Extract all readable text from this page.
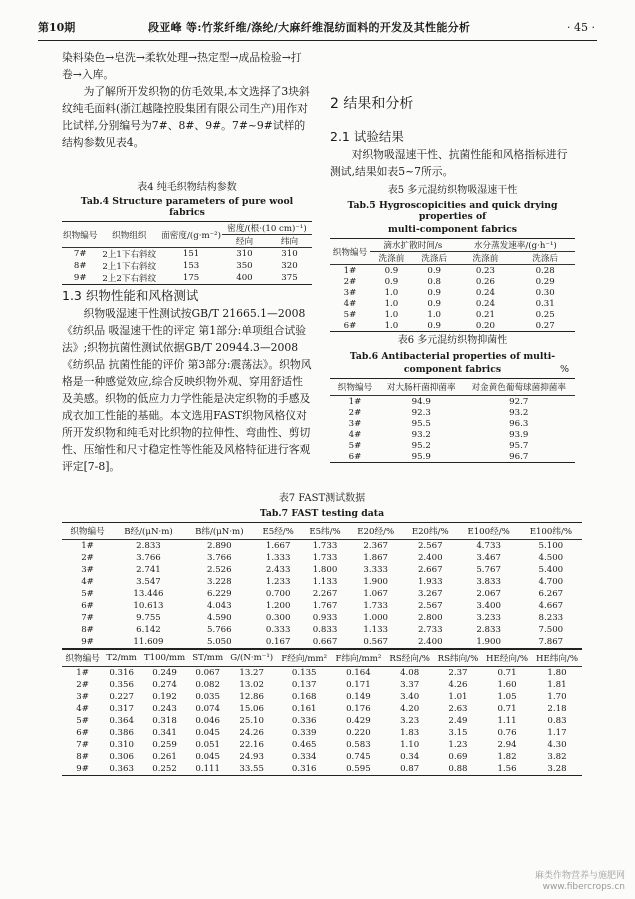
第10期	段亚峰 等:竹浆纤维/涤纶/大麻纤维混纺面料的开发及其性能分析	· 45 ·

染料染色→皂洗→柔软处理→热定型→成品检验→打卷→入库。

为了解所开发织物的仿毛效果,本文选择了3块斜纹纯毛面料(浙江越隆控股集团有限公司生产)用作对比试样,分别编号为7#、8#、9#。7#~9#试样的结构参数见表4。

表4 纯毛织物结构参数
Tab.4 Structure parameters of pure wool fabrics
织物编号	织物组织	面密度/(g·m⁻²)	密度/(根·(10 cm)⁻¹)	
			经向	纬向
7#	2上1下右斜纹	151	310	310
8#	2上1下右斜纹	153	350	320
9#	2上2下右斜纹	175	400	375
1.3 织物性能和风格测试

织物吸湿速干性测试按GB/T 21665.1—2008《纺织品 吸湿速干性的评定 第1部分:单项组合试验法》;织物抗菌性测试依据GB/T 20944.3—2008《纺织品 抗菌性能的评价 第3部分:震荡法》。织物风格是一种感觉效应,综合反映织物外观、穿用舒适性及美感。织物的低应力力学性能是决定织物的手感及成衣加工性能的基础。本文选用FAST织物风格仪对所开发织物和纯毛对比织物的拉伸性、弯曲性、剪切性、压缩性和尺寸稳定性等性能及风格特征进行客观评定[7-8]。

2 结果和分析
2.1 试验结果

对织物吸湿速干性、抗菌性能和风格指标进行测试,结果如表5~7所示。

表5 多元混纺织物吸湿速干性
Tab.5 Hygroscopicities and quick drying properties of
multi-component fabrics
织物编号	滴水扩散时间/s		水分蒸发速率/(g·h⁻¹)	
	洗涤前	洗涤后	洗涤前	洗涤后
1#	0.9	0.9	0.23	0.28
2#	0.9	0.8	0.26	0.29
3#	1.0	0.9	0.24	0.30
4#	1.0	0.9	0.24	0.31
5#	1.0	1.0	0.21	0.25
6#	1.0	0.9	0.20	0.27
表6 多元混纺织物抑菌性
Tab.6 Antibacterial properties of multi-
component fabrics	%
织物编号	对大肠杆菌抑菌率	对金黄色葡萄球菌抑菌率
1#	94.9	92.7
2#	92.3	93.2
3#	95.5	96.3
4#	93.2	93.9
5#	95.2	95.7
6#	95.9	96.7
表7 FAST测试数据
Tab.7 FAST testing data
织物编号	B经/(μN·m)	B纬/(μN·m)	E5经/%	E5纬/%	E20经/%	E20纬/%	E100经/%	E100纬/%
1#	2.833	2.890	1.667	1.733	2.367	2.567	4.733	5.100
2#	3.766	3.766	1.333	1.733	1.867	2.400	3.467	4.500
3#	2.741	2.526	2.433	1.800	3.333	2.667	5.767	5.400
4#	3.547	3.228	1.233	1.133	1.900	1.933	3.833	4.700
5#	13.446	6.229	0.700	2.267	1.067	3.267	2.067	6.267
6#	10.613	4.043	1.200	1.767	1.733	2.567	3.400	4.667
7#	9.755	4.590	0.300	0.933	1.000	2.800	3.233	8.233
8#	6.142	5.766	0.333	0.833	1.133	2.733	2.833	7.500
9#	11.609	5.050	0.167	0.667	0.567	2.400	1.900	7.867
织物编号	T2/mm	T100/mm	ST/mm	G/(N·m⁻¹)	F经向/mm²	F纬向/mm²	RS经向/%	RS纬向/%	HE经向/%	HE纬向/%
1#	0.316	0.249	0.067	13.27	0.135	0.164	4.08	2.37	0.71	1.80
2#	0.356	0.274	0.082	13.02	0.137	0.171	3.37	4.26	1.60	1.81
3#	0.227	0.192	0.035	12.86	0.168	0.149	3.40	1.01	1.05	1.70
4#	0.317	0.243	0.074	15.06	0.161	0.176	4.20	2.63	0.71	2.18
5#	0.364	0.318	0.046	25.10	0.336	0.429	3.23	2.49	1.11	0.83
6#	0.386	0.341	0.045	24.26	0.339	0.220	1.83	3.15	0.76	1.17
7#	0.310	0.259	0.051	22.16	0.465	0.583	1.10	1.23	2.94	4.30
8#	0.306	0.261	0.045	24.93	0.334	0.745	0.34	0.69	1.82	3.82
9#	0.363	0.252	0.111	33.55	0.316	0.595	0.87	0.88	1.56	3.28
麻类作物营养与施肥网
www.fibercrops.cn
